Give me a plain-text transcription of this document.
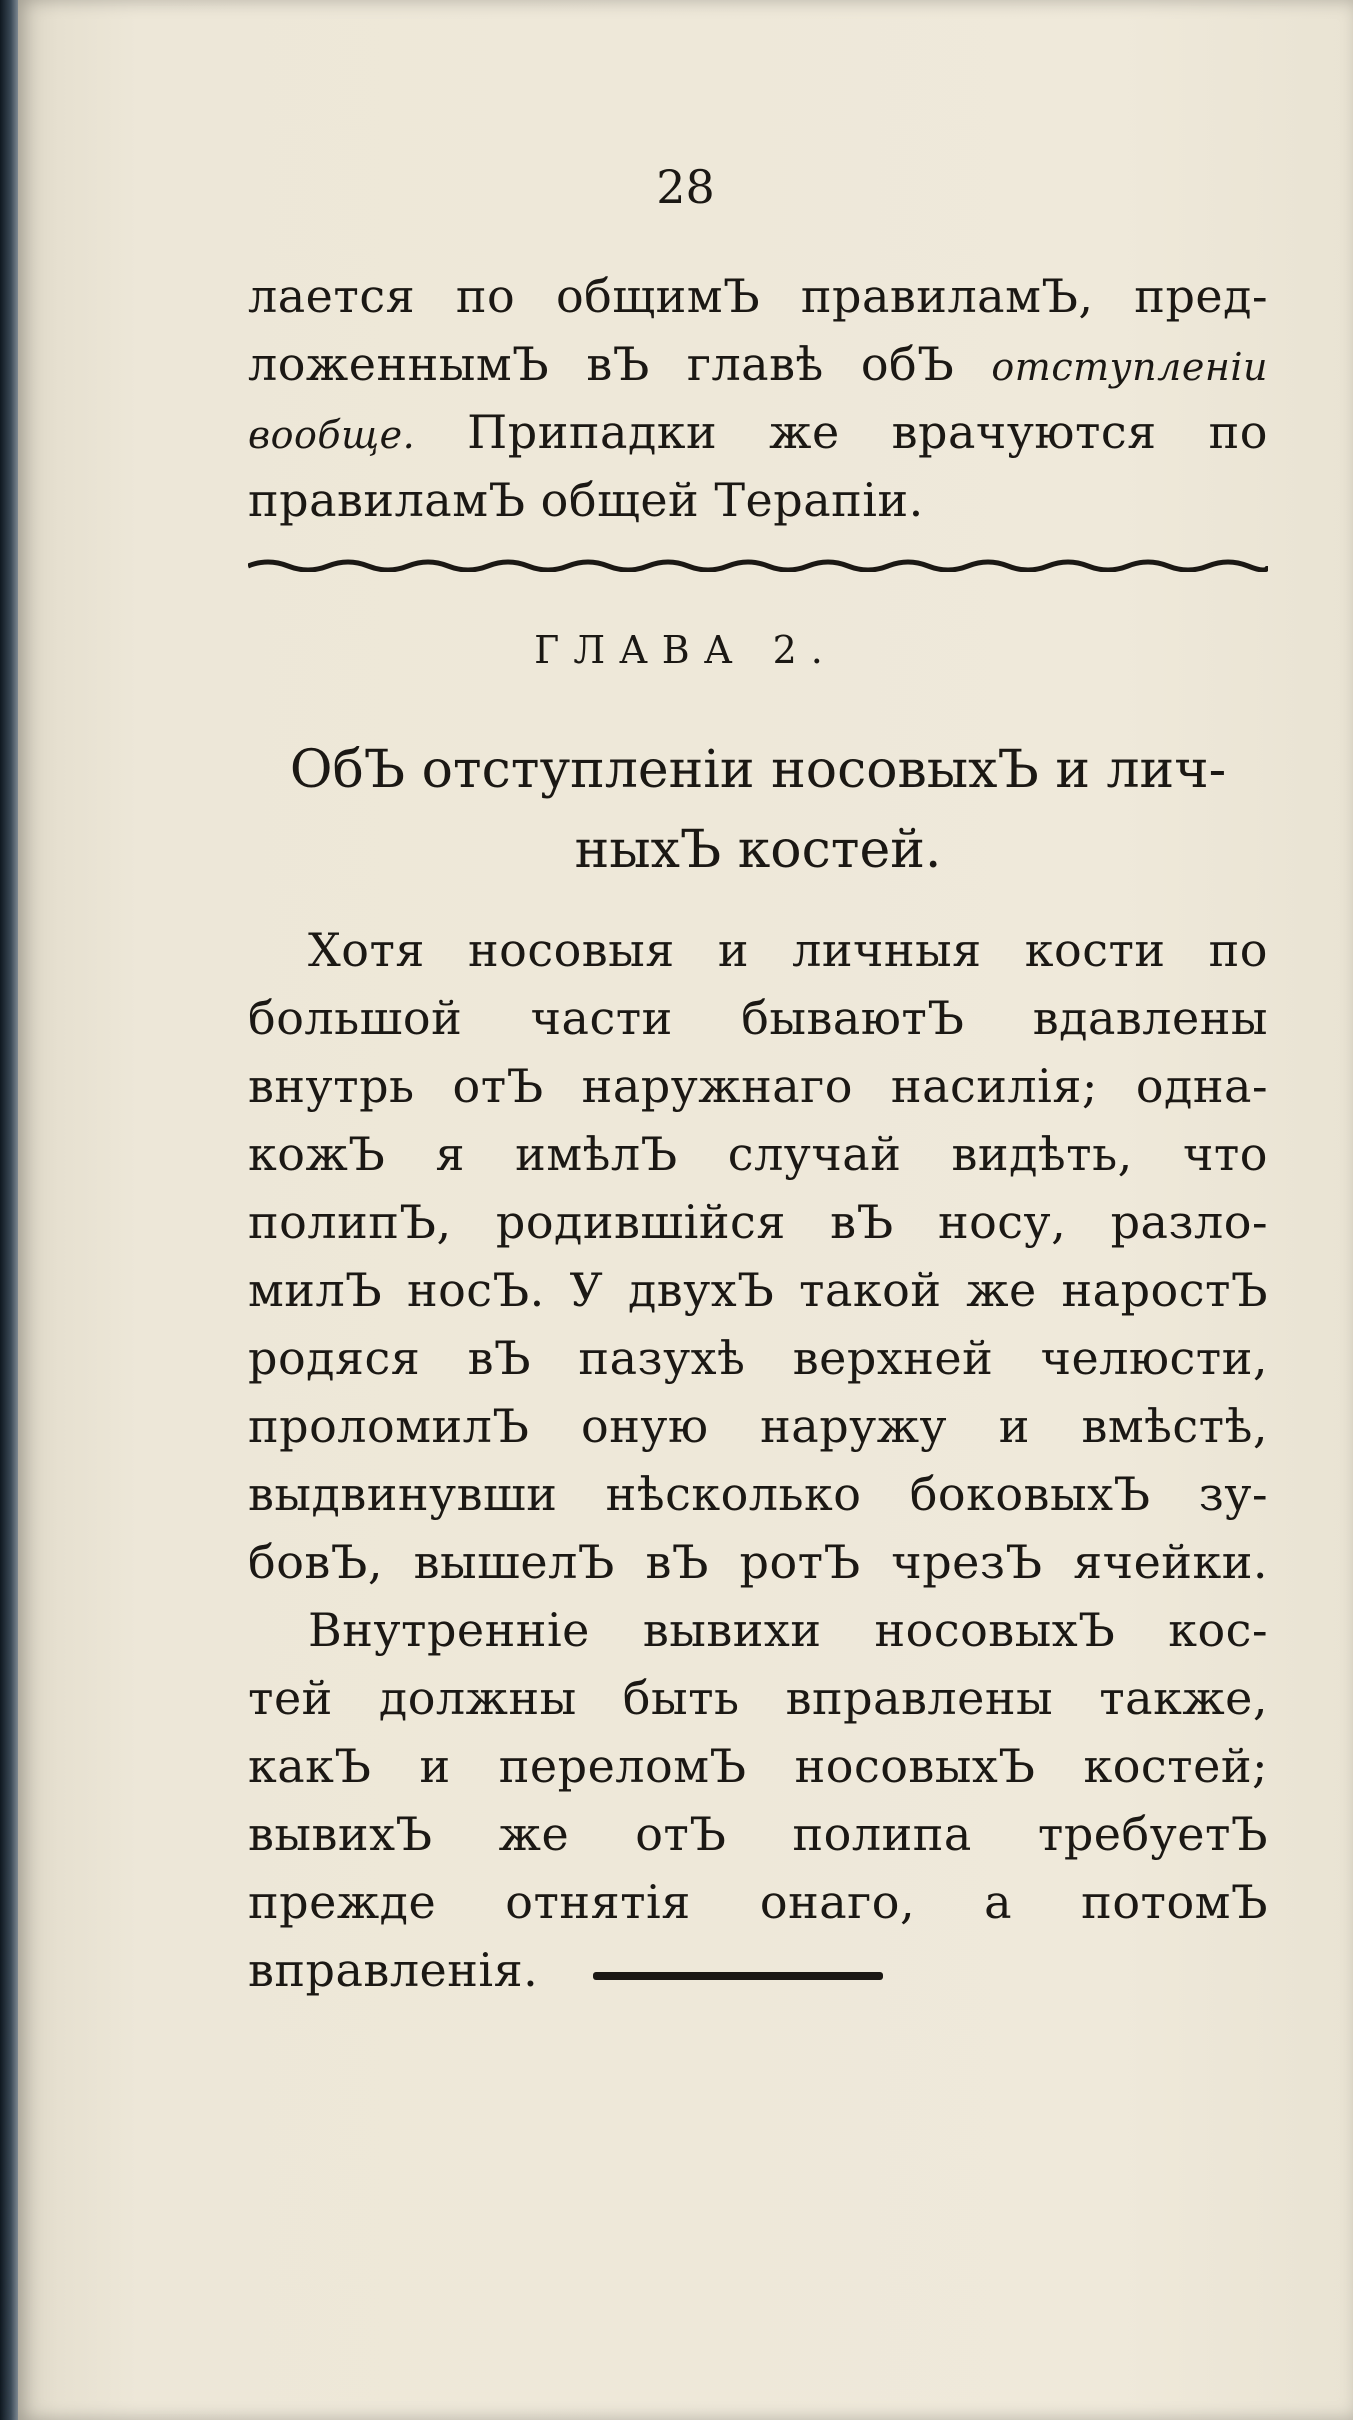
28
лается по общимЪ правиламЪ, пред-
ложеннымЪ вЪ главѣ обЪ отступленіи
вообще. Припадки же врачуются по
правиламЪ общей Терапіи.
ГЛАВА 2.
ОбЪ отступленіи носовыхЪ и лич-
ныхЪ костей.
Хотя носовыя и личныя кости по
большой части бываютЪ вдавлены
внутрь отЪ наружнаго насилія; одна-
кожЪ я имѣлЪ случай видѣть, что
полипЪ, родившійся вЪ носу, разло-
милЪ носЪ. У двухЪ такой же наростЪ
родяся вЪ пазухѣ верхней челюсти,
проломилЪ оную наружу и вмѣстѣ,
выдвинувши нѣсколько боковыхЪ зу-
бовЪ, вышелЪ вЪ ротЪ чрезЪ ячейки.
Внутренніе вывихи носовыхЪ кос-
тей должны быть вправлены также,
какЪ и переломЪ носовыхЪ костей;
вывихЪ же отЪ полипа требуетЪ
прежде отнятія онаго, а потомЪ
вправленія.
